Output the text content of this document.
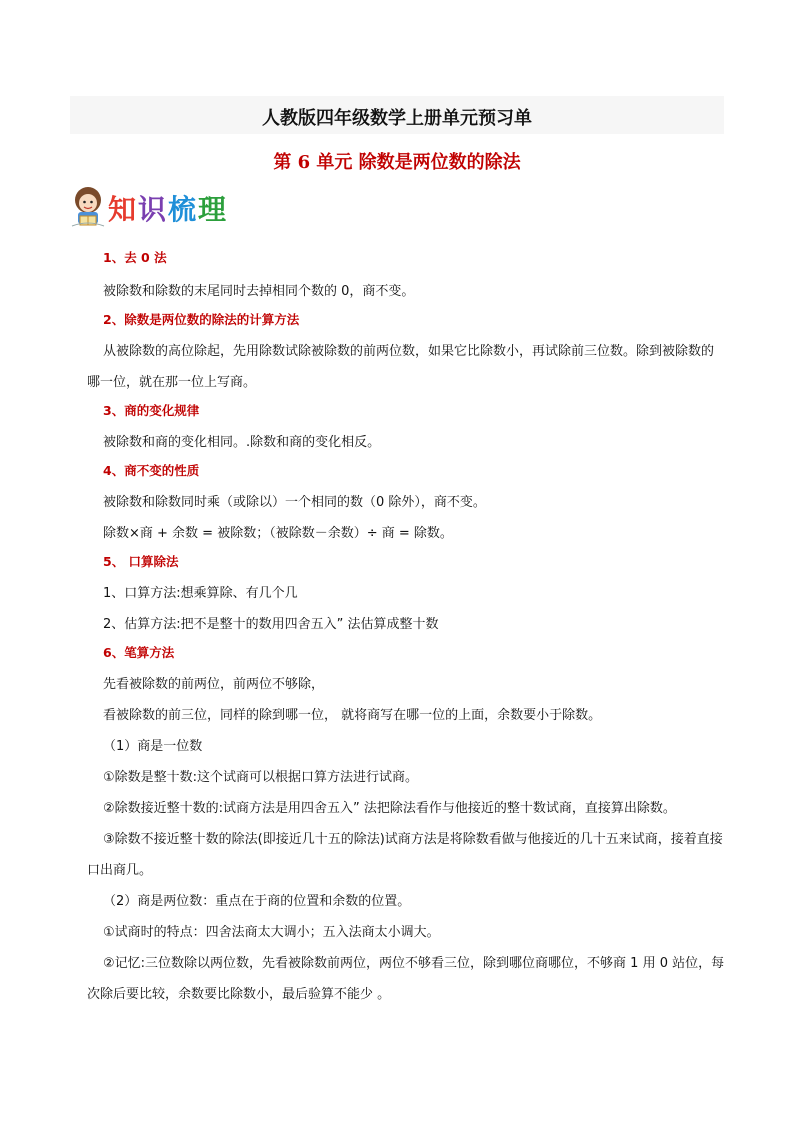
人教版四年级数学上册单元预习单
第 6 单元 除数是两位数的除法
知识梳理
1、去 0 法

被除数和除数的末尾同时去掉相同个数的 0，商不变。

2、除数是两位数的除法的计算方法

从被除数的高位除起，先用除数试除被除数的前两位数，如果它比除数小，再试除前三位数。除到被除数的哪一位，就在那一位上写商。

3、商的变化规律

被除数和商的变化相同。.除数和商的变化相反。

4、商不变的性质

被除数和除数同时乘（或除以）一个相同的数（0 除外），商不变。

除数×商 + 余数 = 被除数；（被除数－余数）÷ 商 = 除数。

5、 口算除法

1、口算方法:想乘算除、有几个几

2、估算方法:把不是整十的数用四舍五入” 法估算成整十数

6、笔算方法

先看被除数的前两位，前两位不够除，

看被除数的前三位，同样的除到哪一位， 就将商写在哪一位的上面，余数要小于除数。

（1）商是一位数

①除数是整十数:这个试商可以根据口算方法进行试商。

②除数接近整十数的:试商方法是用四舍五入” 法把除法看作与他接近的整十数试商，直接算出除数。

③除数不接近整十数的除法(即接近几十五的除法)试商方法是将除数看做与他接近的几十五来试商，接着直接口出商几。

（2）商是两位数：重点在于商的位置和余数的位置。

①试商时的特点：四舍法商太大调小；五入法商太小调大。

②记忆:三位数除以两位数，先看被除数前两位，两位不够看三位，除到哪位商哪位，不够商 1 用 0 站位，每次除后要比较，余数要比除数小，最后验算不能少 。
